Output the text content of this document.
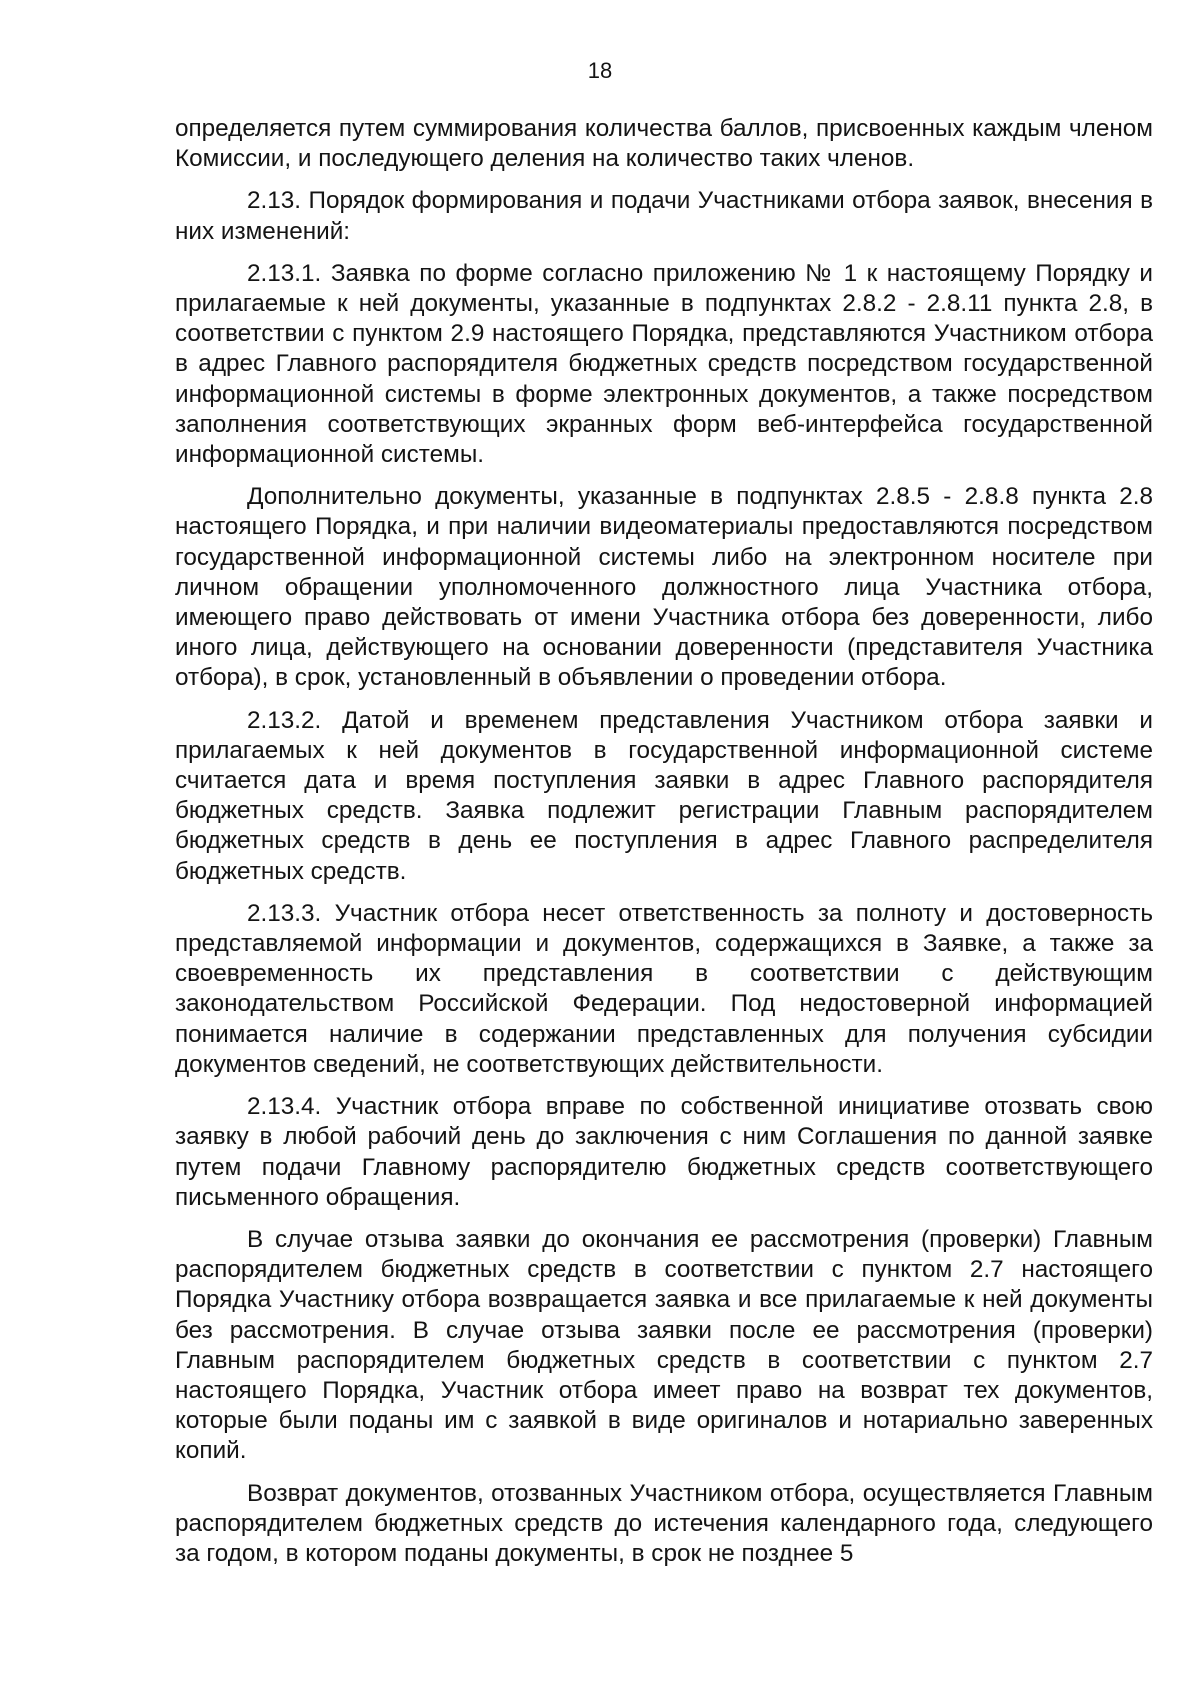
18

определяется путем суммирования количества баллов, присвоенных каждым членом Комиссии, и последующего деления на количество таких членов.

2.13. Порядок формирования и подачи Участниками отбора заявок, внесения в них изменений:

2.13.1. Заявка по форме согласно приложению № 1 к настоящему Порядку и прилагаемые к ней документы, указанные в подпунктах 2.8.2 - 2.8.11 пункта 2.8, в соответствии с пунктом 2.9 настоящего Порядка, представляются Участником отбора в адрес Главного распорядителя бюджетных средств посредством государственной информационной системы в форме электронных документов, а также посредством заполнения соответствующих экранных форм веб-интерфейса государственной информационной системы.

Дополнительно документы, указанные в подпунктах 2.8.5 - 2.8.8 пункта 2.8 настоящего Порядка, и при наличии видеоматериалы предоставляются посредством государственной информационной системы либо на электронном носителе при личном обращении уполномоченного должностного лица Участника отбора, имеющего право действовать от имени Участника отбора без доверенности, либо иного лица, действующего на основании доверенности (представителя Участника отбора), в срок, установленный в объявлении о проведении отбора.

2.13.2. Датой и временем представления Участником отбора заявки и прилагаемых к ней документов в государственной информационной системе считается дата и время поступления заявки в адрес Главного распорядителя бюджетных средств. Заявка подлежит регистрации Главным распорядителем бюджетных средств в день ее поступления в адрес Главного распределителя бюджетных средств.

2.13.3. Участник отбора несет ответственность за полноту и достоверность представляемой информации и документов, содержащихся в Заявке, а также за своевременность их представления в соответствии с действующим законодательством Российской Федерации. Под недостоверной информацией понимается наличие в содержании представленных для получения субсидии документов сведений, не соответствующих действительности.

2.13.4. Участник отбора вправе по собственной инициативе отозвать свою заявку в любой рабочий день до заключения с ним Соглашения по данной заявке путем подачи Главному распорядителю бюджетных средств соответствующего письменного обращения.

В случае отзыва заявки до окончания ее рассмотрения (проверки) Главным распорядителем бюджетных средств в соответствии с пунктом 2.7 настоящего Порядка Участнику отбора возвращается заявка и все прилагаемые к ней документы без рассмотрения. В случае отзыва заявки после ее рассмотрения (проверки) Главным распорядителем бюджетных средств в соответствии с пунктом 2.7 настоящего Порядка, Участник отбора имеет право на возврат тех документов, которые были поданы им с заявкой в виде оригиналов и нотариально заверенных копий.

Возврат документов, отозванных Участником отбора, осуществляется Главным распорядителем бюджетных средств до истечения календарного года, следующего за годом, в котором поданы документы, в срок не позднее 5
